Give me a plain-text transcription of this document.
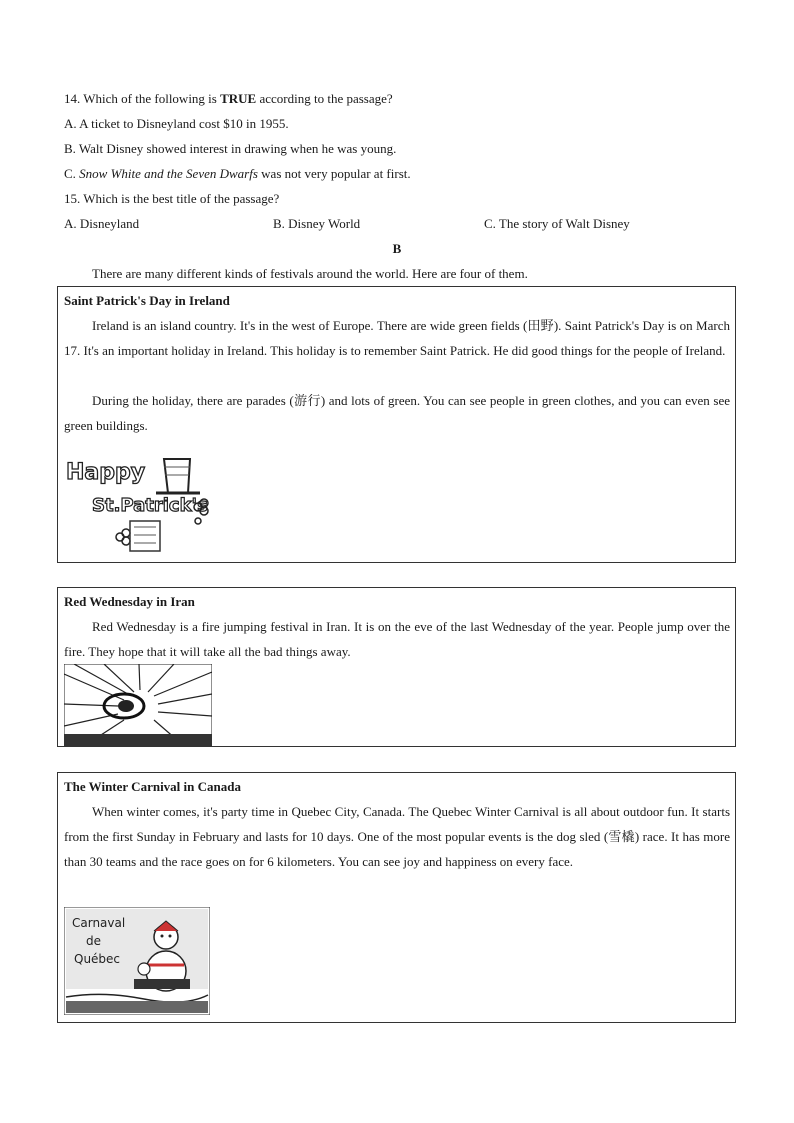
14. Which of the following is TRUE according to the passage?
A. A ticket to Disneyland cost $10 in 1955.
B. Walt Disney showed interest in drawing when he was young.
C. Snow White and the Seven Dwarfs was not very popular at first.
15. Which is the best title of the passage?
A. Disneyland	B. Disney World	C. The story of Walt Disney
B
There are many different kinds of festivals around the world. Here are four of them.
Saint Patrick's Day in Ireland

Ireland is an island country. It's in the west of Europe. There are wide green fields (田野). Saint Patrick's Day is on March 17. It's an important holiday in Ireland. This holiday is to remember Saint Patrick. He did good things for the people of Ireland.

During the holiday, there are parades (游行) and lots of green. You can see people in green clothes, and you can even see green buildings.

Happy
St.Patrick's
Red Wednesday in Iran

Red Wednesday is a fire jumping festival in Iran. It is on the eve of the last Wednesday of the year. People jump over the fire. They hope that it will take all the bad things away.

The Winter Carnival in Canada

When winter comes, it's party time in Quebec City, Canada. The Quebec Winter Carnival is all about outdoor fun. It starts from the first Sunday in February and lasts for 10 days. One of the most popular events is the dog sled (雪橇) race. It has more than 30 teams and the race goes on for 6 kilometers. You can see joy and happiness on every face.

Carnaval
de
Québec
